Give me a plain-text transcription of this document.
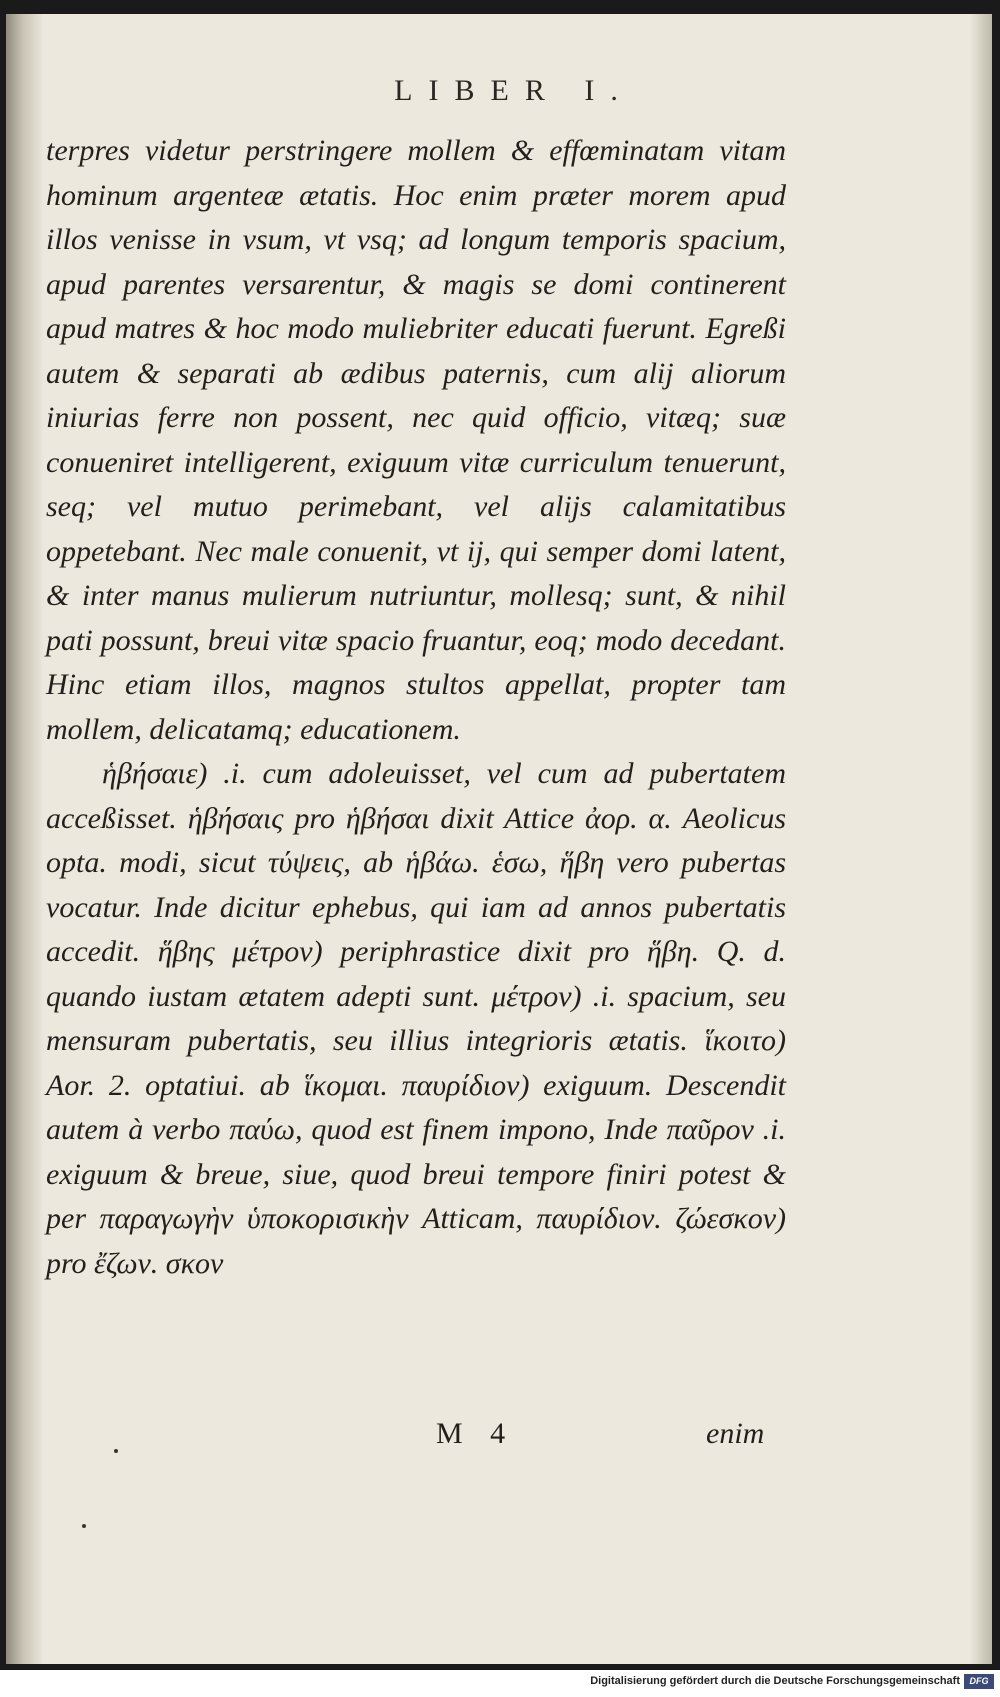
LIBER I.

terpres videtur perstringere mollem & effœminatam vitam hominum argenteæ ætatis. Hoc enim præter morem apud illos venisse in vsum, vt vsq; ad longum temporis spacium, apud parentes versarentur, & magis se domi continerent apud matres & hoc modo muliebriter educati fuerunt. Egreßi autem & separati ab ædibus paternis, cum alij aliorum iniurias ferre non possent, nec quid officio, vitæq; suæ conueniret intelligerent, exiguum vitæ curriculum tenuerunt, seq; vel mutuo perimebant, vel alijs calamitatibus oppetebant. Nec male conuenit, vt ij, qui semper domi latent, & inter manus mulierum nutriuntur, mollesq; sunt, & nihil pati possunt, breui vitæ spacio fruantur, eoq; modo decedant. Hinc etiam illos, magnos stultos appellat, propter tam mollem, delicatamq; educationem.

ἡβήσαιε) .i. cum adoleuisset, vel cum ad pubertatem acceßisset. ἡβήσαις pro ἡβήσαι dixit Attice ἀορ. α. Aeolicus opta. modi, sicut τύψεις, ab ἡβάω. ἑσω, ἥβη vero pubertas vocatur. Inde dicitur ephebus, qui iam ad annos pubertatis accedit. ἥβης μέτρον) periphrastice dixit pro ἥβη. Q. d. quando iustam ætatem adepti sunt. μέτρον) .i. spacium, seu mensuram pubertatis, seu illius integrioris ætatis. ἵκοιτο) Aor. 2. optatiui. ab ἵκομαι. παυρίδιον) exiguum. Descendit autem à verbo παύω, quod est finem impono, Inde παῦρον .i. exiguum & breue, siue, quod breui tempore finiri potest & per παραγωγὴν ὑποκορισικὴν Atticam, παυρίδιον. ζώεσκον) pro ἔζων. σκον

M 4	enim
Digitalisierung gefördert durch die Deutsche Forschungsgemeinschaft	DFG
